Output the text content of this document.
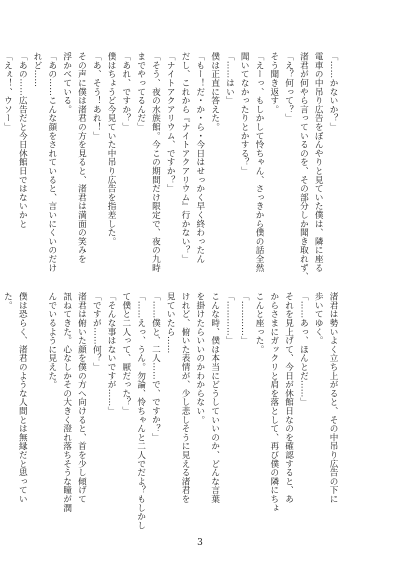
「……かないか？」
電車の中吊り広告をぼんやりと見ていた僕は、隣に座る
渚君が何やら言っているのを、その部分しか聞き取れず、
「え？何って？」
そう聞き返す。
「えーっ、もしかして怜ちゃん、さっきから僕の話全然
聞いてなかったりとかする？」
「……はい」
僕は正直に答えた。
「もー！だ・か・ら・今日はせっかく早く終わったん
だし、これから『ナイトアクアリウム』行かない？」
「ナイトアクアリウム、ですか？」
「そう、夜の水族館。今この期間だけ限定で、夜の九時
までやってるんだ」
「あれ、ですか？」
僕はちょうど今見ていた中吊り広告を指差した。
「あ、そう！あれ！」
その声に僕は渚君の方を見ると、渚君は満面の笑みを
浮かべている。
「あの……こんな顔をされていると、言いにくいのだけ
れど……
「あの……広告だと今日休館日ではないかと
「えぇ！、ウソー」
渚君は勢いよく立ち上がると、その中吊り広告の下に
歩いてゆく。
「……あっ、ほんとだ……」
それを見上げて、今日が休館日なのを確認すると、あ
からさまにガックリと肩を落として、再び僕の隣にちょ
こんと座った。
「…………」
「…………」
こんな時、僕は本当にどうしていいのか、どんな言葉
を掛けたらいいのかわからない。
けれど、俯いた表情が、少し悲しそうに見える渚君を
見ていたら……
「……僕と、二人……で、ですか？」
「……えっ、うん。勿論、怜ちゃんと二人でだよ？もしかし
て僕と二人って、厭だった？」
「そんな事はないですが……」
「ですが……何？」
渚君は俯いた顔を僕の方へ向けると、首を少し傾げて
訊ねてきた。心なしかその大きく澄れ落ちそうな瞳が潤
んでいるように見えた。

僕は恐らく、渚君のような人間とは無縁だと思ってい
た。
3
